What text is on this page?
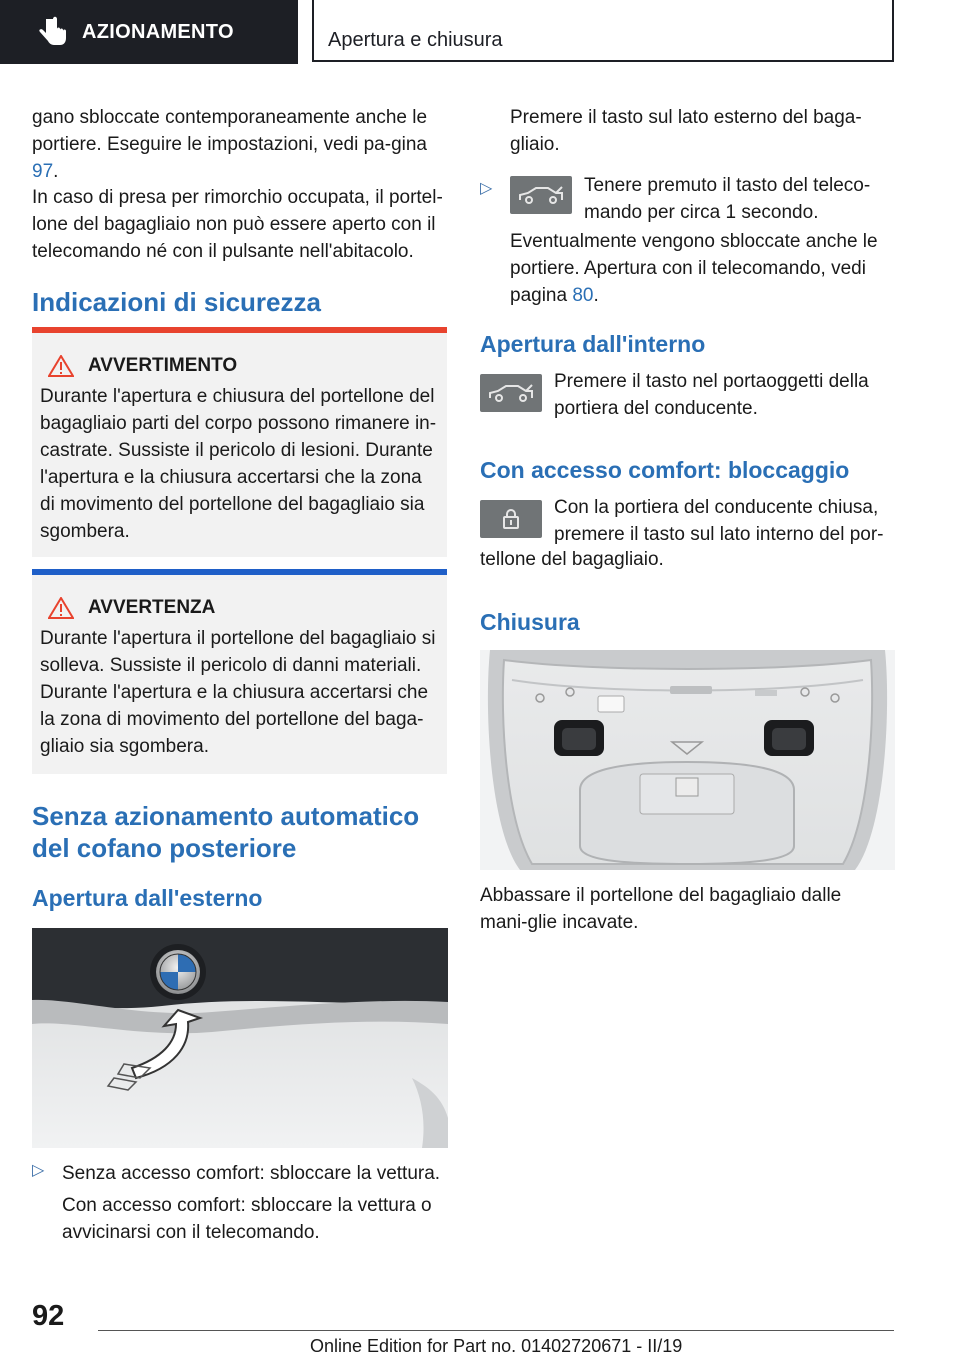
AZIONAMENTO	Apertura e chiusura

gano sbloccate contemporaneamente anche le portiere. Eseguire le impostazioni, vedi pa-gina 97.

In caso di presa per rimorchio occupata, il portel-lone del bagagliaio non può essere aperto con il telecomando né con il pulsante nell'abitacolo.

Indicazioni di sicurezza
AVVERTIMENTO

Durante l'apertura e chiusura del portellone del bagagliaio parti del corpo possono rimanere in-castrate. Sussiste il pericolo di lesioni. Durante l'apertura e la chiusura accertarsi che la zona di movimento del portellone del bagagliaio sia sgombera.

AVVERTENZA

Durante l'apertura il portellone del bagagliaio si solleva. Sussiste il pericolo di danni materiali. Durante l'apertura e la chiusura accertarsi che la zona di movimento del portellone del baga-gliaio sia sgombera.

Senza azionamento automatico del cofano posteriore
Apertura dall'esterno
▷ Senza accesso comfort: sbloccare la vettura.

Con accesso comfort: sbloccare la vettura o avvicinarsi con il telecomando.

Premere il tasto sul lato esterno del baga-gliaio.

▷	Tenere premuto il tasto del teleco-mando per circa 1 secondo.

Eventualmente vengono sbloccate anche le portiere. Apertura con il telecomando, vedi pagina 80.

Apertura dall'interno

Premere il tasto nel portaoggetti della portiera del conducente.

Con accesso comfort: bloccaggio

Con la portiera del conducente chiusa, premere il tasto sul lato interno del por-

tellone del bagagliaio.

Chiusura

Abbassare il portellone del bagagliaio dalle mani-glie incavate.

92
Online Edition for Part no. 01402720671 - II/19
